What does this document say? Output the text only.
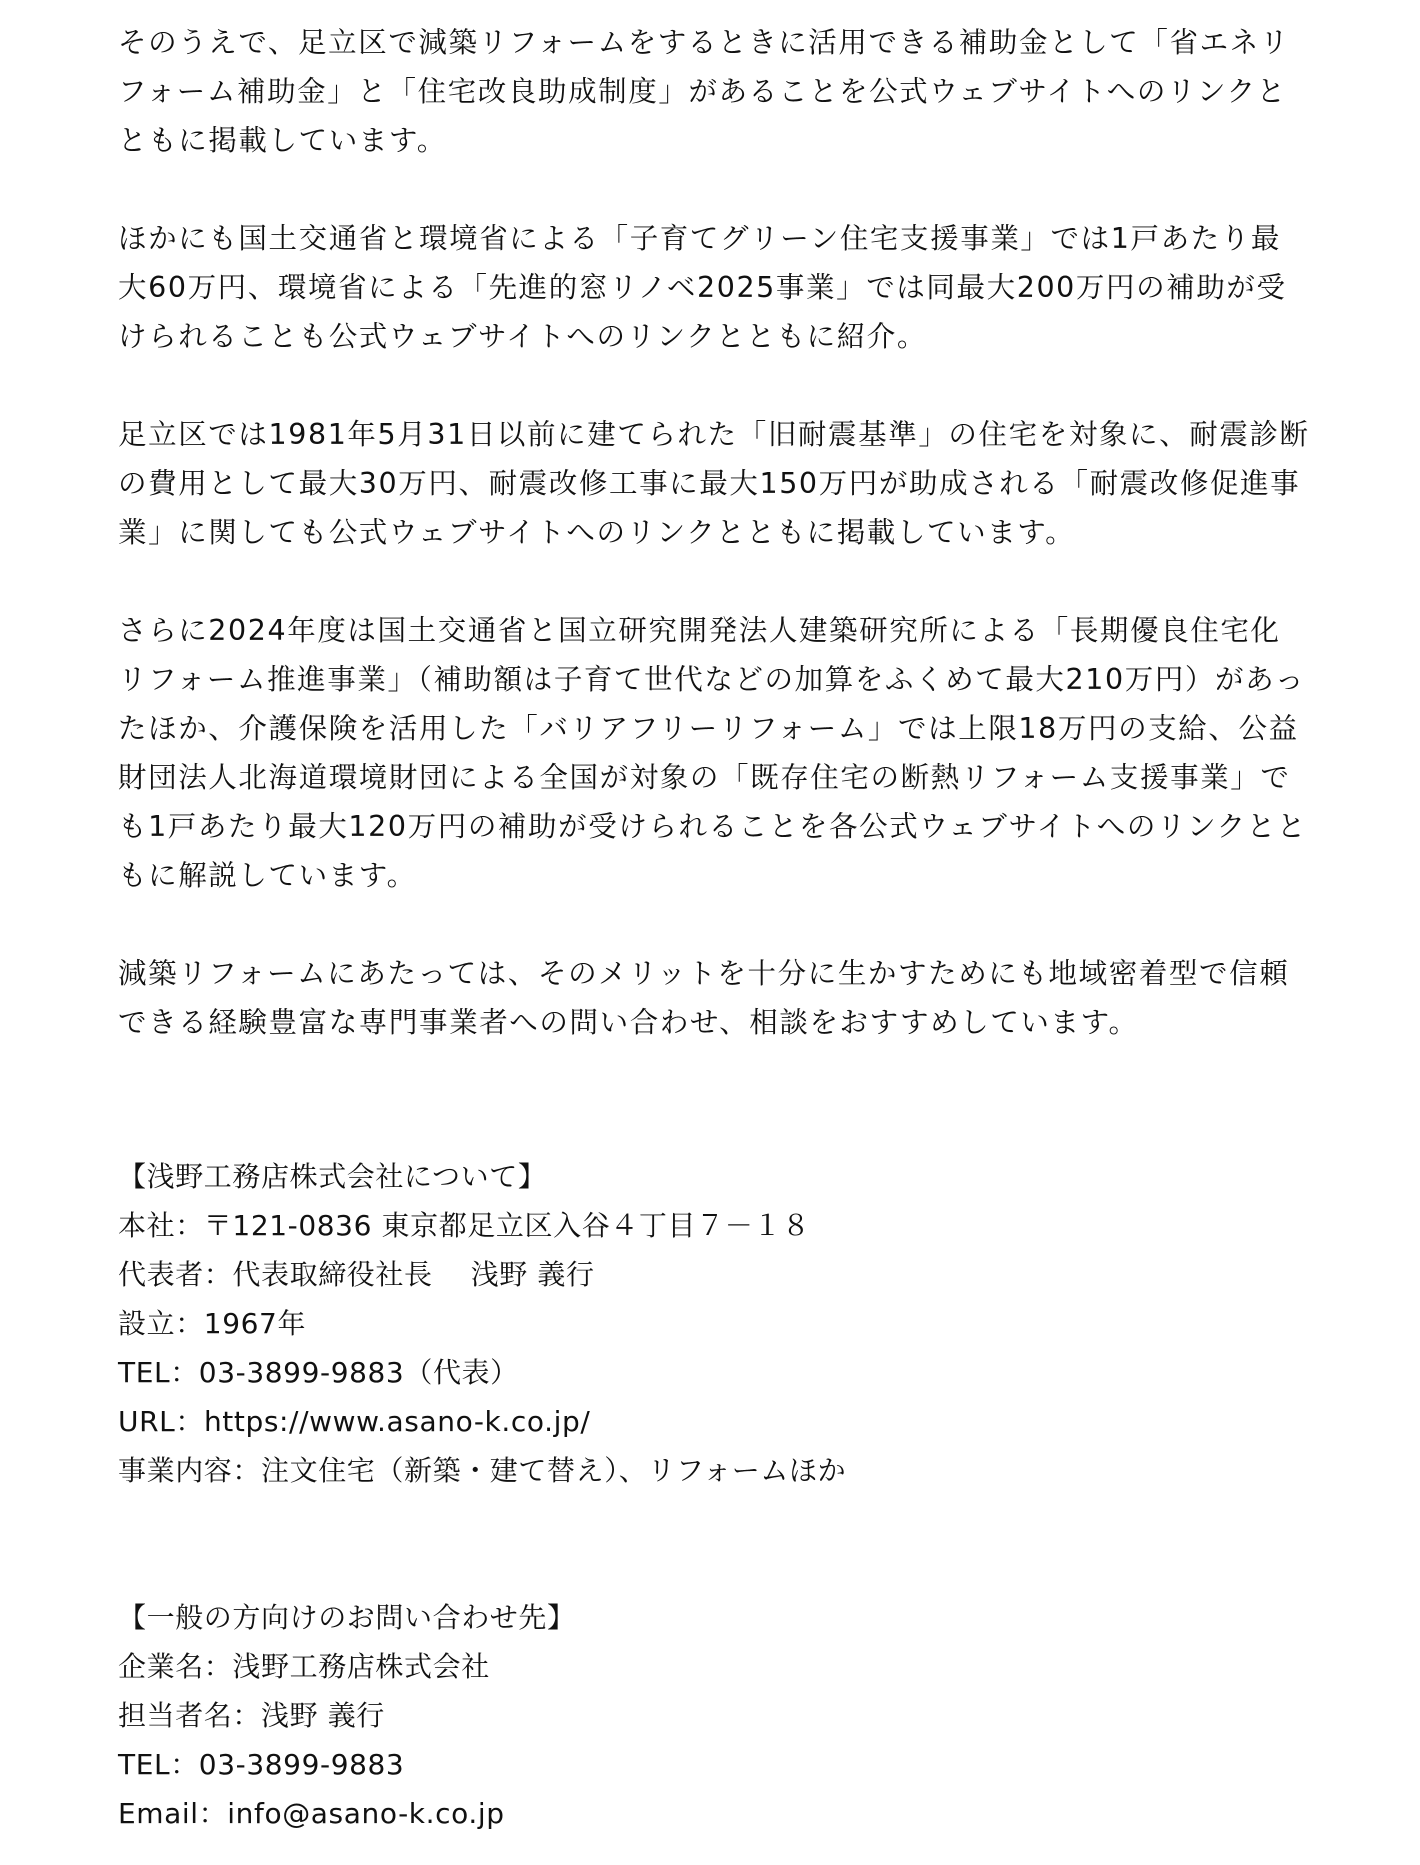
そのうえで、足立区で減築リフォームをするときに活用できる補助金として「省エネリフォーム補助金」と「住宅改良助成制度」があることを公式ウェブサイトへのリンクとともに掲載しています。

ほかにも国土交通省と環境省による「子育てグリーン住宅支援事業」では1戸あたり最大60万円、環境省による「先進的窓リノベ2025事業」では同最大200万円の補助が受けられることも公式ウェブサイトへのリンクとともに紹介。

足立区では1981年5月31日以前に建てられた「旧耐震基準」の住宅を対象に、耐震診断の費用として最大30万円、耐震改修工事に最大150万円が助成される「耐震改修促進事業」に関しても公式ウェブサイトへのリンクとともに掲載しています。

さらに2024年度は国土交通省と国立研究開発法人建築研究所による「長期優良住宅化リフォーム推進事業」（補助額は子育て世代などの加算をふくめて最大210万円）があったほか、介護保険を活用した「バリアフリーリフォーム」では上限18万円の支給、公益財団法人北海道環境財団による全国が対象の「既存住宅の断熱リフォーム支援事業」でも1戸あたり最大120万円の補助が受けられることを各公式ウェブサイトへのリンクとともに解説しています。

減築リフォームにあたっては、そのメリットを十分に生かすためにも地域密着型で信頼できる経験豊富な専門事業者への問い合わせ、相談をおすすめしています。

【浅野工務店株式会社について】
本社：〒121-0836 東京都足立区入谷４丁目７－１８
代表者：代表取締役社長　 浅野 義行
設立：1967年
TEL：03-3899-9883（代表）
URL：https://www.asano-k.co.jp/
事業内容：注文住宅（新築・建て替え）、リフォームほか
【一般の方向けのお問い合わせ先】
企業名：浅野工務店株式会社
担当者名：浅野 義行
TEL：03-3899-9883
Email：info@asano-k.co.jp
